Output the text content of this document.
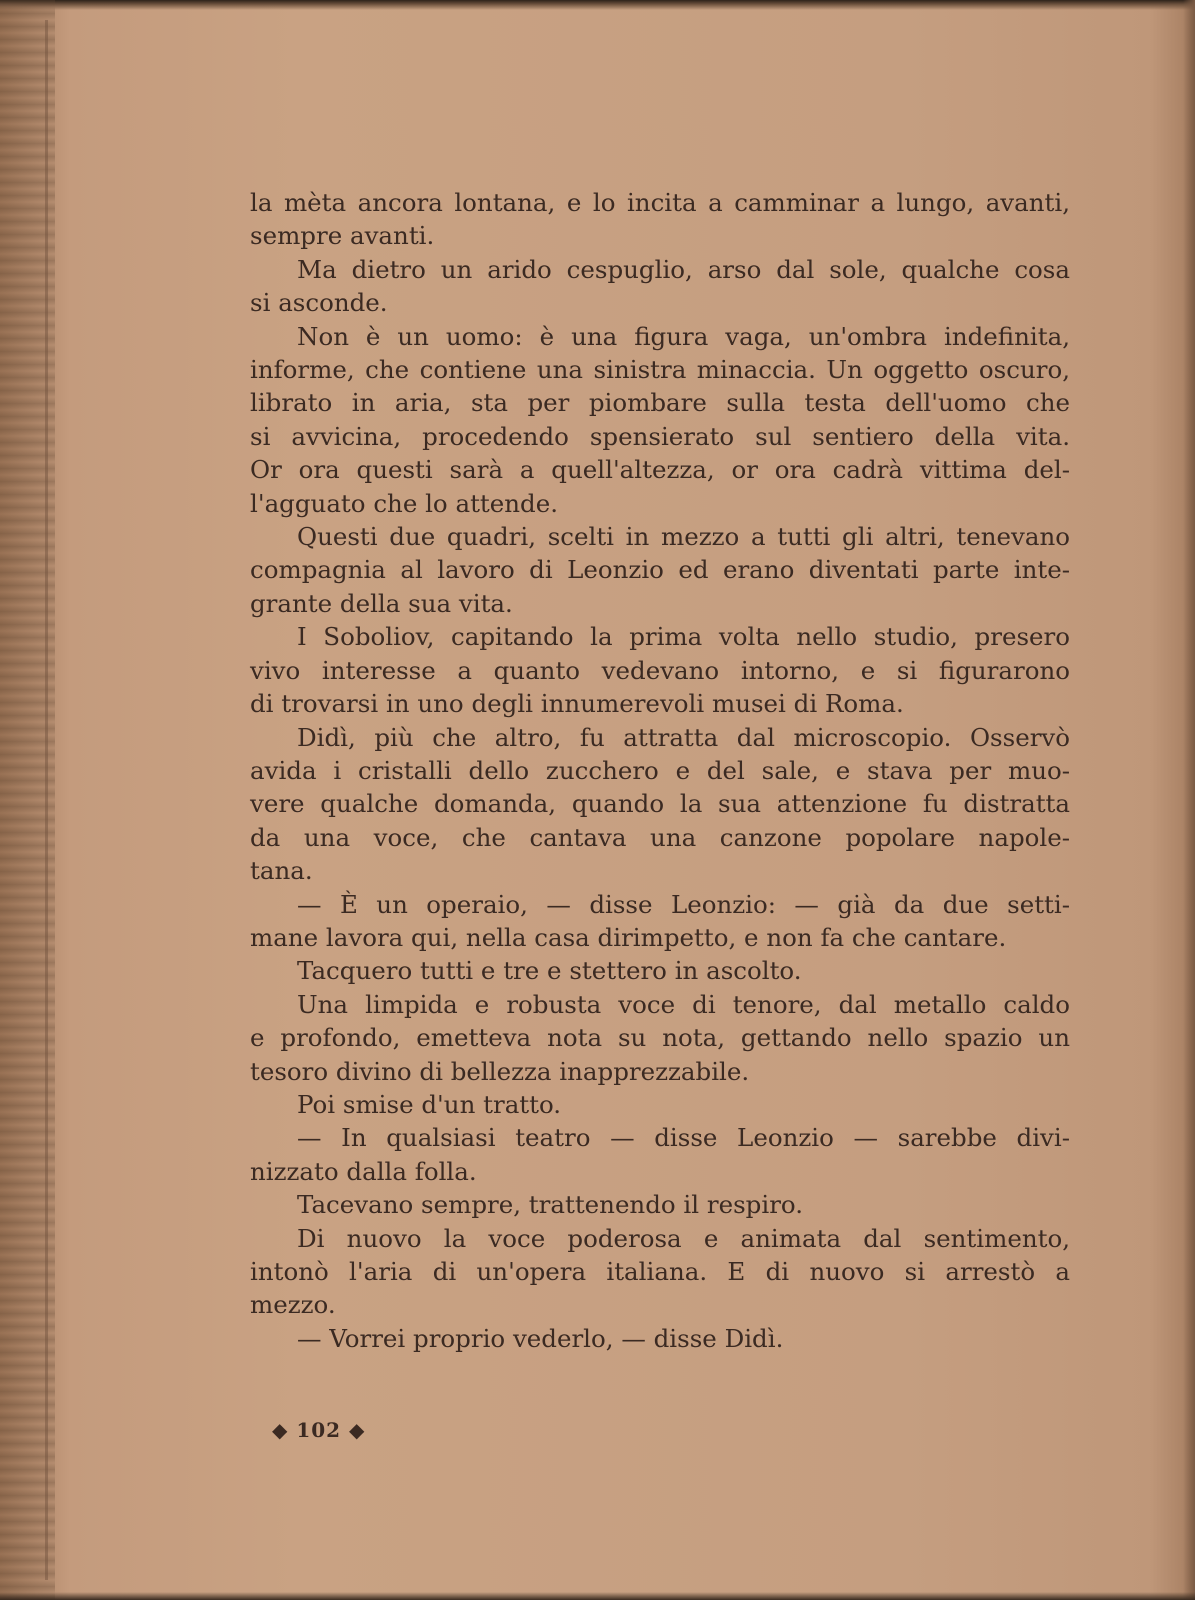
la mèta ancora lontana, e lo incita a camminar a lungo, avanti,
sempre avanti.
Ma dietro un arido cespuglio, arso dal sole, qualche cosa
si asconde.
Non è un uomo: è una figura vaga, un'ombra indefinita,
informe, che contiene una sinistra minaccia. Un oggetto oscuro,
librato in aria, sta per piombare sulla testa dell'uomo che
si avvicina, procedendo spensierato sul sentiero della vita.
Or ora questi sarà a quell'altezza, or ora cadrà vittima del-
l'agguato che lo attende.
Questi due quadri, scelti in mezzo a tutti gli altri, tenevano
compagnia al lavoro di Leonzio ed erano diventati parte inte-
grante della sua vita.
I Soboliov, capitando la prima volta nello studio, presero
vivo interesse a quanto vedevano intorno, e si figurarono
di trovarsi in uno degli innumerevoli musei di Roma.
Didì, più che altro, fu attratta dal microscopio. Osservò
avida i cristalli dello zucchero e del sale, e stava per muo-
vere qualche domanda, quando la sua attenzione fu distratta
da una voce, che cantava una canzone popolare napole-
tana.
— È un operaio, — disse Leonzio: — già da due setti-
mane lavora qui, nella casa dirimpetto, e non fa che cantare.
Tacquero tutti e tre e stettero in ascolto.
Una limpida e robusta voce di tenore, dal metallo caldo
e profondo, emetteva nota su nota, gettando nello spazio un
tesoro divino di bellezza inapprezzabile.
Poi smise d'un tratto.
— In qualsiasi teatro — disse Leonzio — sarebbe divi-
nizzato dalla folla.
Tacevano sempre, trattenendo il respiro.
Di nuovo la voce poderosa e animata dal sentimento,
intonò l'aria di un'opera italiana. E di nuovo si arrestò a
mezzo.
— Vorrei proprio vederlo, — disse Didì.
◆ 102 ◆
